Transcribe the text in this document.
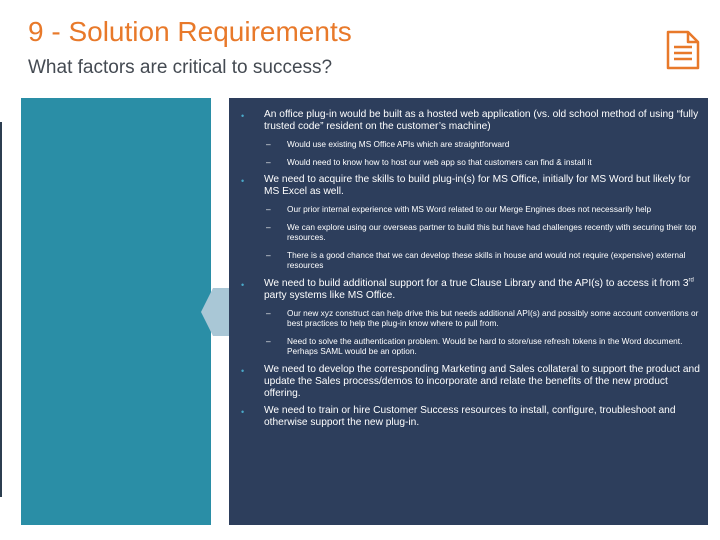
9 - Solution Requirements
What factors are critical to success?
• An office plug-in would be built as a hosted web application (vs. old school method of using “fully trusted code” resident on the customer’s machine)
– Would use existing MS Office APIs which are straightforward
– Would need to know how to host our web app so that customers can find & install it
• We need to acquire the skills to build plug-in(s) for MS Office, initially for MS Word but likely for MS Excel as well.
– Our prior internal experience with MS Word related to our Merge Engines does not necessarily help
– We can explore using our overseas partner to build this but have had challenges recently with securing their top resources.
– There is a good chance that we can develop these skills in house and would not require (expensive) external resources
• We need to build additional support for a true Clause Library and the API(s) to access it from 3rd party systems like MS Office.
– Our new xyz construct can help drive this but needs additional API(s) and possibly some account conventions or best practices to help the plug-in know where to pull from.
– Need to solve the authentication problem. Would be hard to store/use refresh tokens in the Word document. Perhaps SAML would be an option.
• We need to develop the corresponding Marketing and Sales collateral to support the product and update the Sales process/demos to incorporate and relate the benefits of the new product offering.
• We need to train or hire Customer Success resources to install, configure, troubleshoot and otherwise support the new plug-in.
